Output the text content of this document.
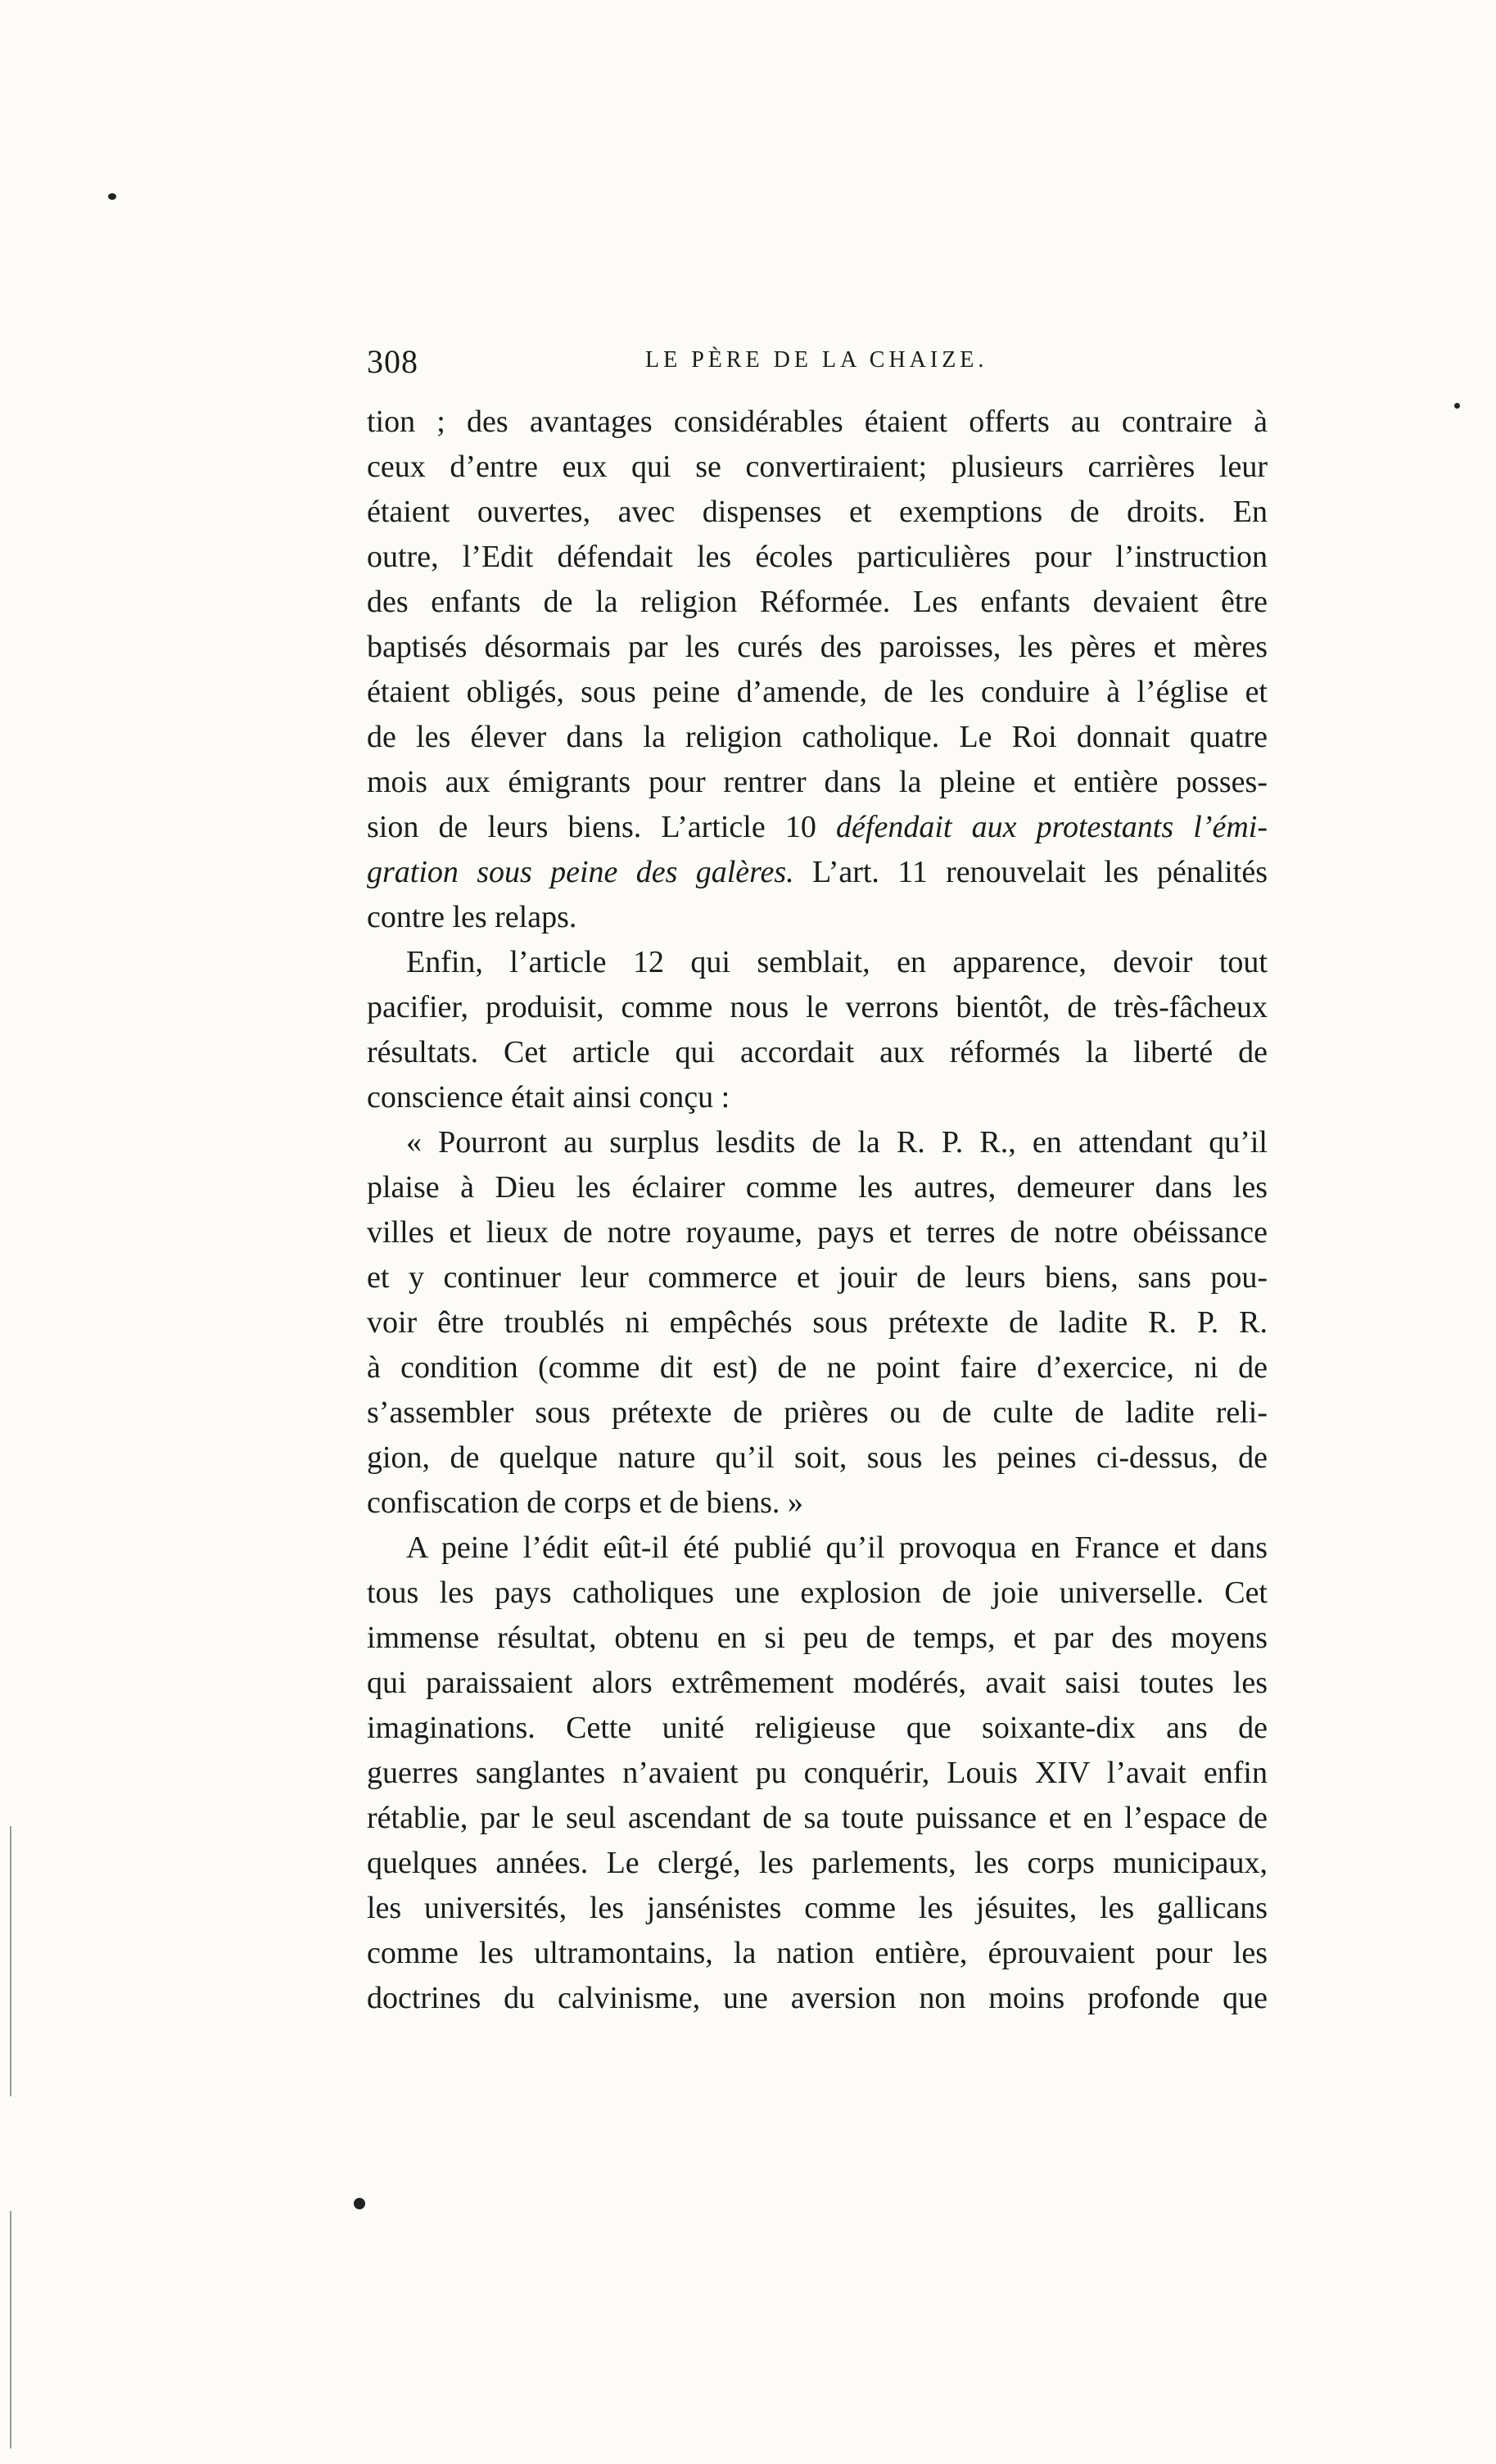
308	LE PÈRE DE LA CHAIZE.
tion ; des avantages considérables étaient offerts au contraire à
ceux d’entre eux qui se convertiraient; plusieurs carrières leur
étaient ouvertes, avec dispenses et exemptions de droits. En
outre, l’Edit défendait les écoles particulières pour l’instruction
des enfants de la religion Réformée. Les enfants devaient être
baptisés désormais par les curés des paroisses, les pères et mères
étaient obligés, sous peine d’amende, de les conduire à l’église et
de les élever dans la religion catholique. Le Roi donnait quatre
mois aux émigrants pour rentrer dans la pleine et entière posses-
sion de leurs biens. L’article 10 défendait aux protestants l’émi-
gration sous peine des galères. L’art. 11 renouvelait les pénalités
contre les relaps.
Enfin, l’article 12 qui semblait, en apparence, devoir tout
pacifier, produisit, comme nous le verrons bientôt, de très-fâcheux
résultats. Cet article qui accordait aux réformés la liberté de
conscience était ainsi conçu :
« Pourront au surplus lesdits de la R. P. R., en attendant qu’il
plaise à Dieu les éclairer comme les autres, demeurer dans les
villes et lieux de notre royaume, pays et terres de notre obéissance
et y continuer leur commerce et jouir de leurs biens, sans pou-
voir être troublés ni empêchés sous prétexte de ladite R. P. R.
à condition (comme dit est) de ne point faire d’exercice, ni de
s’assembler sous prétexte de prières ou de culte de ladite reli-
gion, de quelque nature qu’il soit, sous les peines ci-dessus, de
confiscation de corps et de biens. »
A peine l’édit eût-il été publié qu’il provoqua en France et dans
tous les pays catholiques une explosion de joie universelle. Cet
immense résultat, obtenu en si peu de temps, et par des moyens
qui paraissaient alors extrêmement modérés, avait saisi toutes les
imaginations. Cette unité religieuse que soixante-dix ans de
guerres sanglantes n’avaient pu conquérir, Louis XIV l’avait enfin
rétablie, par le seul ascendant de sa toute puissance et en l’espace de
quelques années. Le clergé, les parlements, les corps municipaux,
les universités, les jansénistes comme les jésuites, les gallicans
comme les ultramontains, la nation entière, éprouvaient pour les
doctrines du calvinisme, une aversion non moins profonde que
